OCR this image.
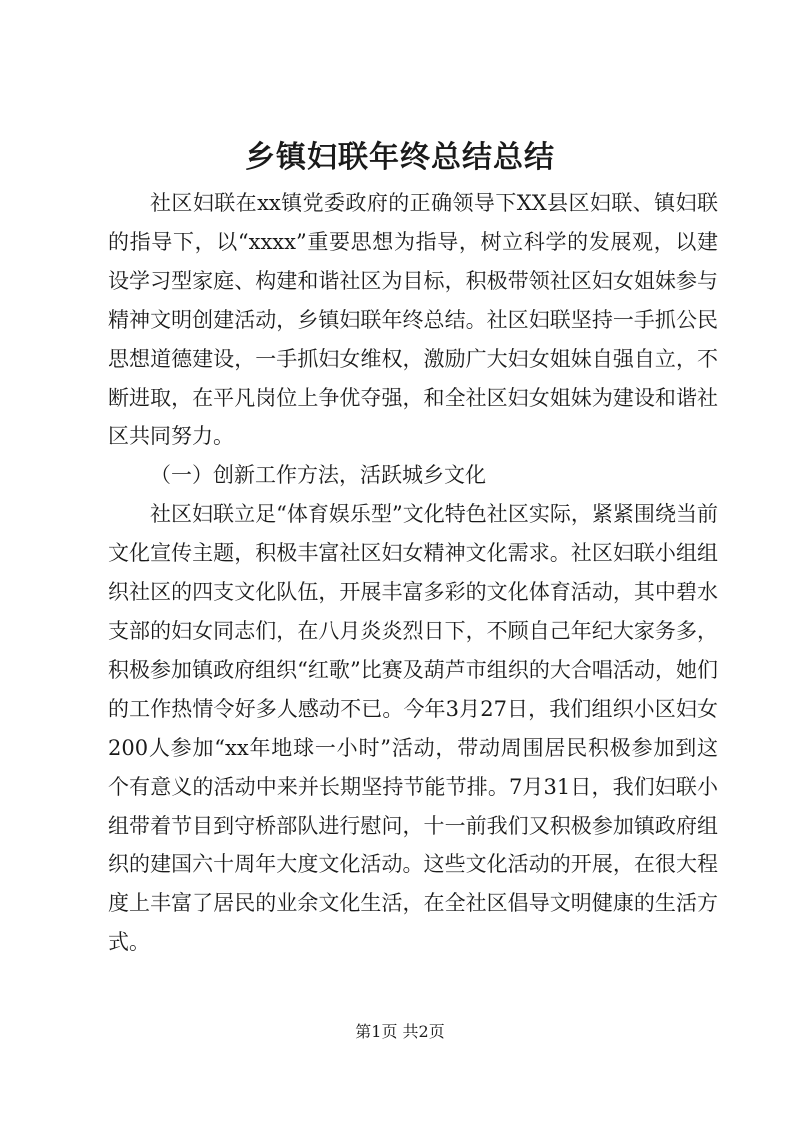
乡镇妇联年终总结总结

社区妇联在xx镇党委政府的正确领导下XX县区妇联、镇妇联的指导下，以“xxxx”重要思想为指导，树立科学的发展观，以建设学习型家庭、构建和谐社区为目标，积极带领社区妇女姐妹参与精神文明创建活动，乡镇妇联年终总结。社区妇联坚持一手抓公民思想道德建设，一手抓妇女维权，激励广大妇女姐妹自强自立，不断进取，在平凡岗位上争优夺强，和全社区妇女姐妹为建设和谐社区共同努力。

（一）创新工作方法，活跃城乡文化

社区妇联立足“体育娱乐型”文化特色社区实际，紧紧围绕当前文化宣传主题，积极丰富社区妇女精神文化需求。社区妇联小组组织社区的四支文化队伍，开展丰富多彩的文化体育活动，其中碧水支部的妇女同志们，在八月炎炎烈日下，不顾自己年纪大家务多，积极参加镇政府组织“红歌”比赛及葫芦市组织的大合唱活动，她们的工作热情令好多人感动不已。今年3月27日，我们组织小区妇女200人参加“xx年地球一小时”活动，带动周围居民积极参加到这个有意义的活动中来并长期坚持节能节排。7月31日，我们妇联小组带着节目到守桥部队进行慰问，十一前我们又积极参加镇政府组织的建国六十周年大度文化活动。这些文化活动的开展，在很大程度上丰富了居民的业余文化生活，在全社区倡导文明健康的生活方式。

第1页 共2页
